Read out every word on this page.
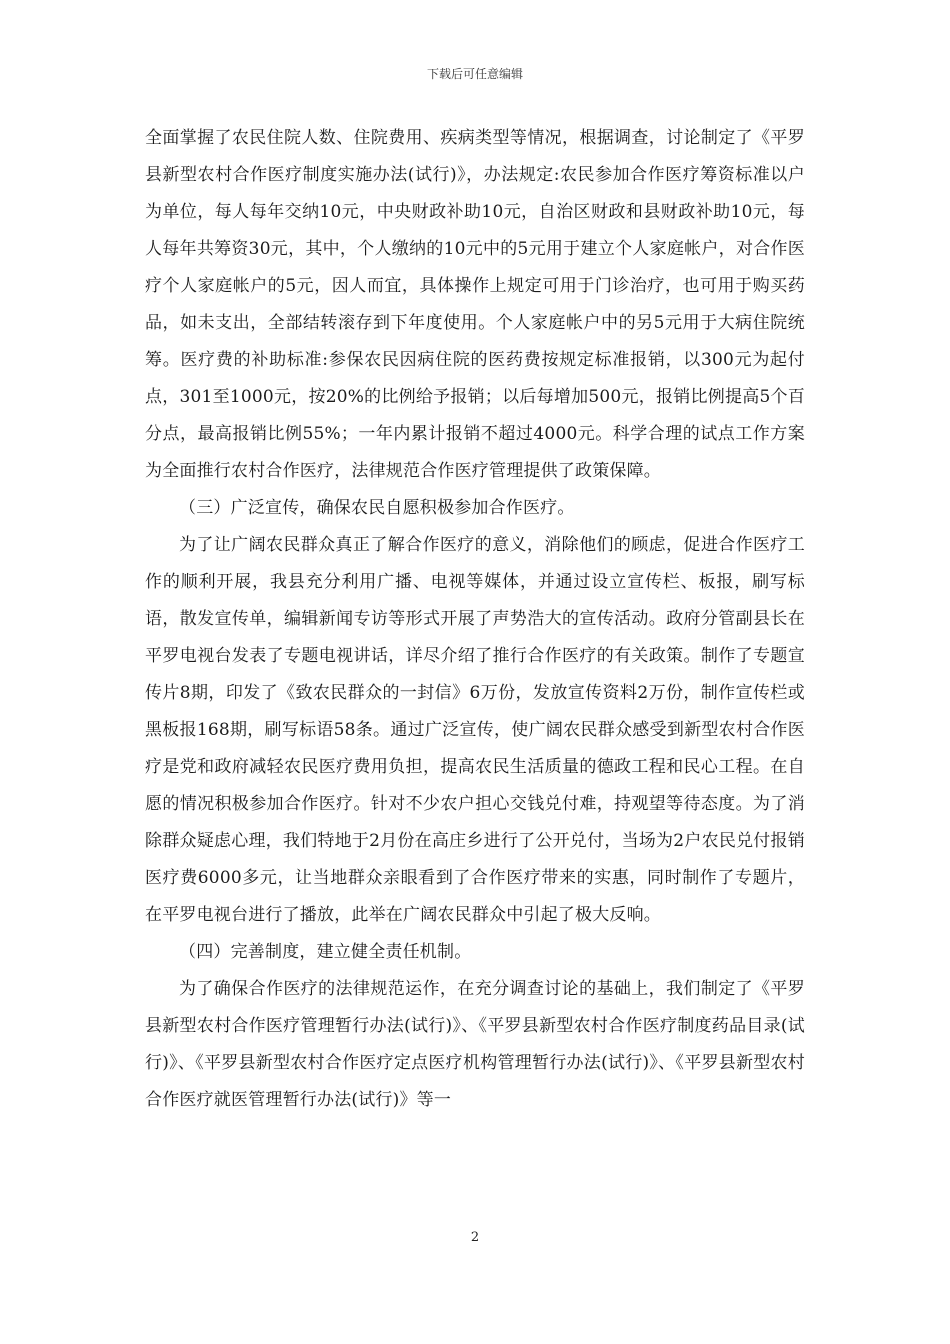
下载后可任意编辑

全面掌握了农民住院人数、住院费用、疾病类型等情况，根据调查，讨论制定了《平罗县新型农村合作医疗制度实施办法(试行)》，办法规定:农民参加合作医疗筹资标准以户为单位，每人每年交纳10元，中央财政补助10元，自治区财政和县财政补助10元，每人每年共筹资30元，其中，个人缴纳的10元中的5元用于建立个人家庭帐户，对合作医疗个人家庭帐户的5元，因人而宜，具体操作上规定可用于门诊治疗，也可用于购买药品，如未支出，全部结转滚存到下年度使用。个人家庭帐户中的另5元用于大病住院统筹。医疗费的补助标准:参保农民因病住院的医药费按规定标准报销，以300元为起付点，301至1000元，按20%的比例给予报销；以后每增加500元，报销比例提高5个百分点，最高报销比例55%；一年内累计报销不超过4000元。科学合理的试点工作方案为全面推行农村合作医疗，法律规范合作医疗管理提供了政策保障。

（三）广泛宣传，确保农民自愿积极参加合作医疗。

为了让广阔农民群众真正了解合作医疗的意义，消除他们的顾虑，促进合作医疗工作的顺利开展，我县充分利用广播、电视等媒体，并通过设立宣传栏、板报，刷写标语，散发宣传单，编辑新闻专访等形式开展了声势浩大的宣传活动。政府分管副县长在平罗电视台发表了专题电视讲话，详尽介绍了推行合作医疗的有关政策。制作了专题宣传片8期，印发了《致农民群众的一封信》6万份，发放宣传资料2万份，制作宣传栏或黑板报168期，刷写标语58条。通过广泛宣传，使广阔农民群众感受到新型农村合作医疗是党和政府减轻农民医疗费用负担，提高农民生活质量的德政工程和民心工程。在自愿的情况积极参加合作医疗。针对不少农户担心交钱兑付难，持观望等待态度。为了消除群众疑虑心理，我们特地于2月份在高庄乡进行了公开兑付，当场为2户农民兑付报销医疗费6000多元，让当地群众亲眼看到了合作医疗带来的实惠，同时制作了专题片，在平罗电视台进行了播放，此举在广阔农民群众中引起了极大反响。

（四）完善制度，建立健全责任机制。

为了确保合作医疗的法律规范运作，在充分调查讨论的基础上，我们制定了《平罗县新型农村合作医疗管理暂行办法(试行)》、《平罗县新型农村合作医疗制度药品目录(试行)》、《平罗县新型农村合作医疗定点医疗机构管理暂行办法(试行)》、《平罗县新型农村合作医疗就医管理暂行办法(试行)》等一

2
